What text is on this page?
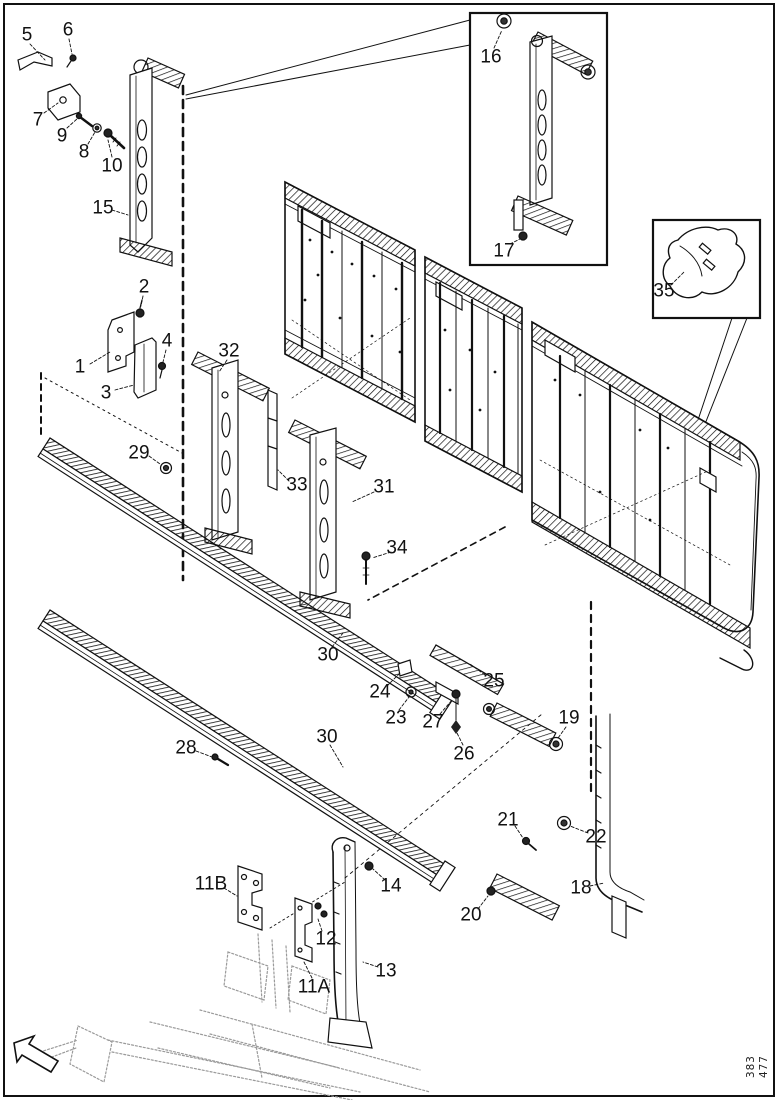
5 6
7
9
8
10
15
2
1
4
3
29
32
33	31
34
30
24
23
25
27
26
30
28
19
21
22
18
20
11B	14
12
13
11A
16
17
35
383 477
